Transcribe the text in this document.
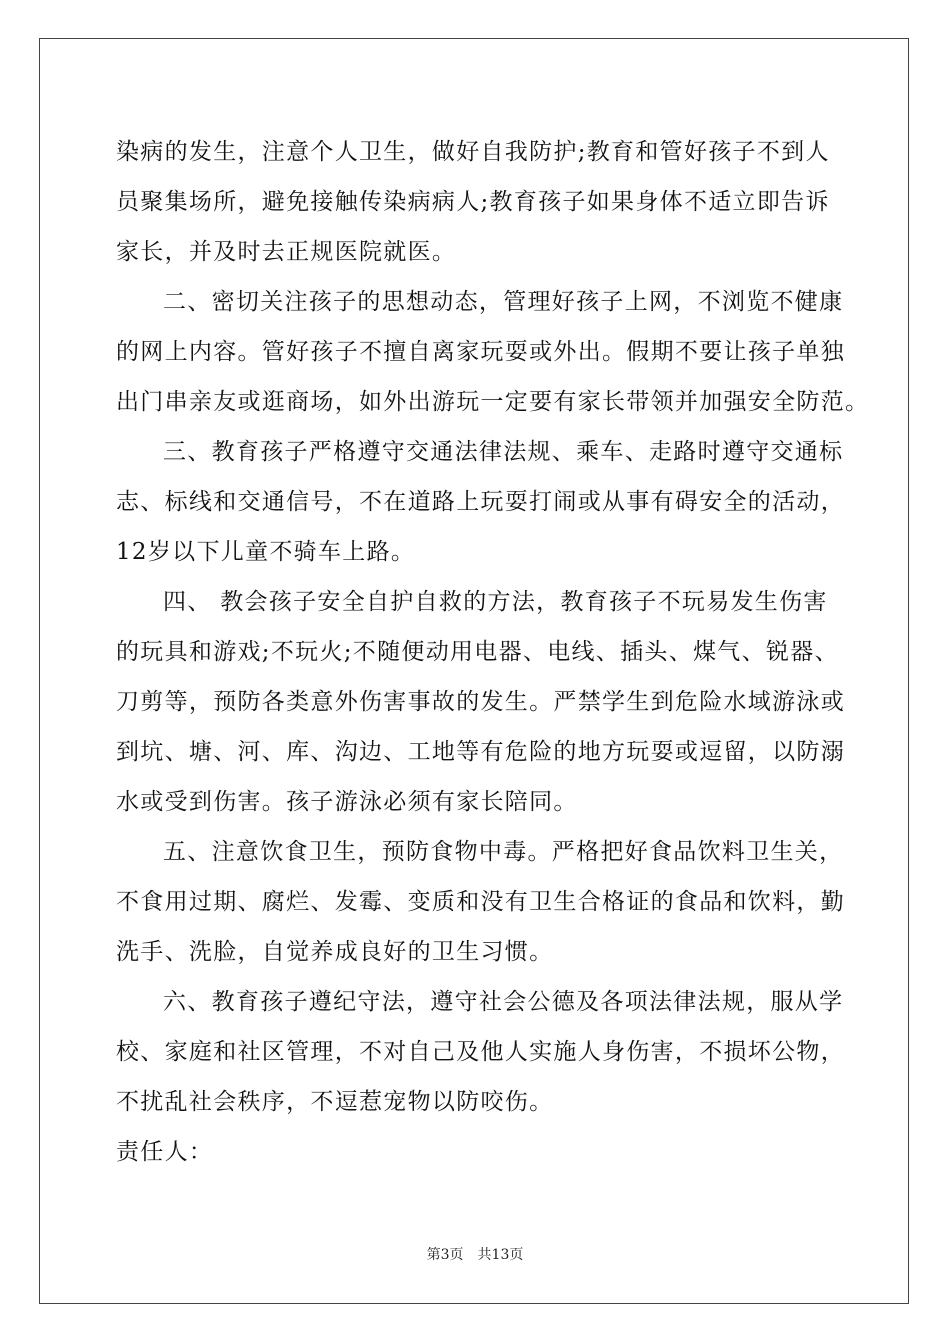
染病的发生，注意个人卫生，做好自我防护;教育和管好孩子不到人
员聚集场所，避免接触传染病病人;教育孩子如果身体不适立即告诉
家长，并及时去正规医院就医。
二、密切关注孩子的思想动态，管理好孩子上网，不浏览不健康
的网上内容。管好孩子不擅自离家玩耍或外出。假期不要让孩子单独
出门串亲友或逛商场，如外出游玩一定要有家长带领并加强安全防范。
三、教育孩子严格遵守交通法律法规、乘车、走路时遵守交通标
志、标线和交通信号，不在道路上玩耍打闹或从事有碍安全的活动，
12岁以下儿童不骑车上路。
四、 教会孩子安全自护自救的方法，教育孩子不玩易发生伤害
的玩具和游戏;不玩火;不随便动用电器、电线、插头、煤气、锐器、
刀剪等，预防各类意外伤害事故的发生。严禁学生到危险水域游泳或
到坑、塘、河、库、沟边、工地等有危险的地方玩耍或逗留，以防溺
水或受到伤害。孩子游泳必须有家长陪同。
五、注意饮食卫生，预防食物中毒。严格把好食品饮料卫生关，
不食用过期、腐烂、发霉、变质和没有卫生合格证的食品和饮料，勤
洗手、洗脸，自觉养成良好的卫生习惯。
六、教育孩子遵纪守法，遵守社会公德及各项法律法规，服从学
校、家庭和社区管理，不对自己及他人实施人身伤害，不损坏公物，
不扰乱社会秩序，不逗惹宠物以防咬伤。
责任人：
第3页 共13页
